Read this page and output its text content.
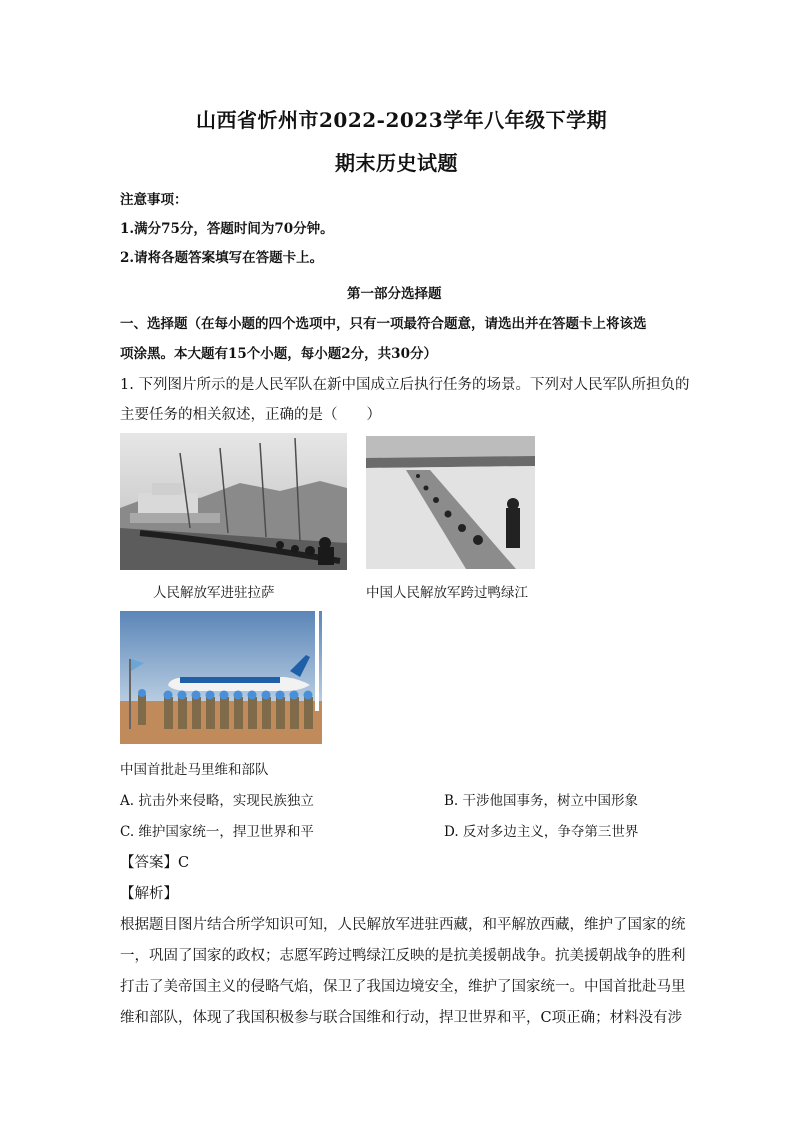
山西省忻州市2022-2023学年八年级下学期
期末历史试题
注意事项：
1.满分75分，答题时间为70分钟。
2.请将各题答案填写在答题卡上。
第一部分选择题
一、选择题（在每小题的四个选项中，只有一项最符合题意，请选出并在答题卡上将该选
项涂黑。本大题有15个小题，每小题2分，共30分）
1. 下列图片所示的是人民军队在新中国成立后执行任务的场景。下列对人民军队所担负的
主要任务的相关叙述，正确的是（　　）
人民解放军进驻拉萨	中国人民解放军跨过鸭绿江
中国首批赴马里维和部队
A. 抗击外来侵略，实现民族独立	B. 干涉他国事务，树立中国形象
C. 维护国家统一，捍卫世界和平	D. 反对多边主义，争夺第三世界
【答案】C
【解析】
根据题目图片结合所学知识可知，人民解放军进驻西藏，和平解放西藏，维护了国家的统
一，巩固了国家的政权；志愿军跨过鸭绿江反映的是抗美援朝战争。抗美援朝战争的胜利
打击了美帝国主义的侵略气焰，保卫了我国边境安全，维护了国家统一。中国首批赴马里
维和部队，体现了我国积极参与联合国维和行动，捍卫世界和平，C项正确；材料没有涉
